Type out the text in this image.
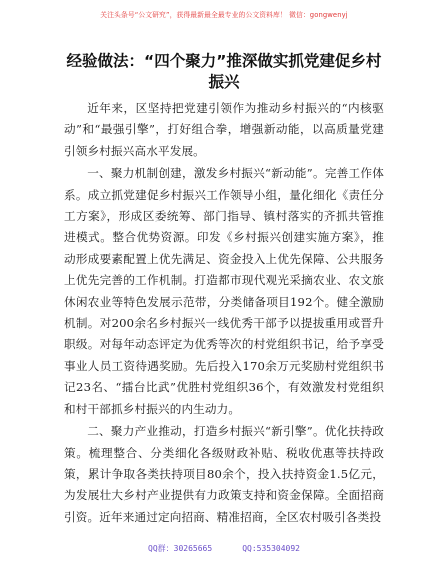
关注头条号“公文研究”，获得最新最全最专业的公文资料库！ 微信：gongwenyj
经验做法：“四个聚力”推深做实抓党建促乡村振兴

近年来，区坚持把党建引领作为推动乡村振兴的“内核驱动”和“最强引擎”，打好组合拳，增强新动能，以高质量党建引领乡村振兴高水平发展。

一、聚力机制创建，激发乡村振兴“新动能”。完善工作体系。成立抓党建促乡村振兴工作领导小组，量化细化《责任分工方案》，形成区委统筹、部门指导、镇村落实的齐抓共管推进模式。整合优势资源。印发《乡村振兴创建实施方案》，推动形成要素配置上优先满足、资金投入上优先保障、公共服务上优先完善的工作机制。打造都市现代观光采摘农业、农文旅休闲农业等特色发展示范带，分类储备项目192个。健全激励机制。对200余名乡村振兴一线优秀干部予以提拔重用或晋升职级。对每年动态评定为优秀等次的村党组织书记，给予享受事业人员工资待遇奖励。先后投入170余万元奖励村党组织书记23名、“擂台比武”优胜村党组织36个，有效激发村党组织和村干部抓乡村振兴的内生动力。

二、聚力产业推动，打造乡村振兴“新引擎”。优化扶持政策。梳理整合、分类细化各级财政补贴、税收优惠等扶持政策，累计争取各类扶持项目80余个，投入扶持资金1.5亿元，为发展壮大乡村产业提供有力政策支持和资金保障。全面招商引资。近年来通过定向招商、精准招商，全区农村吸引各类投

QQ群：30265665	QQ:535304092
